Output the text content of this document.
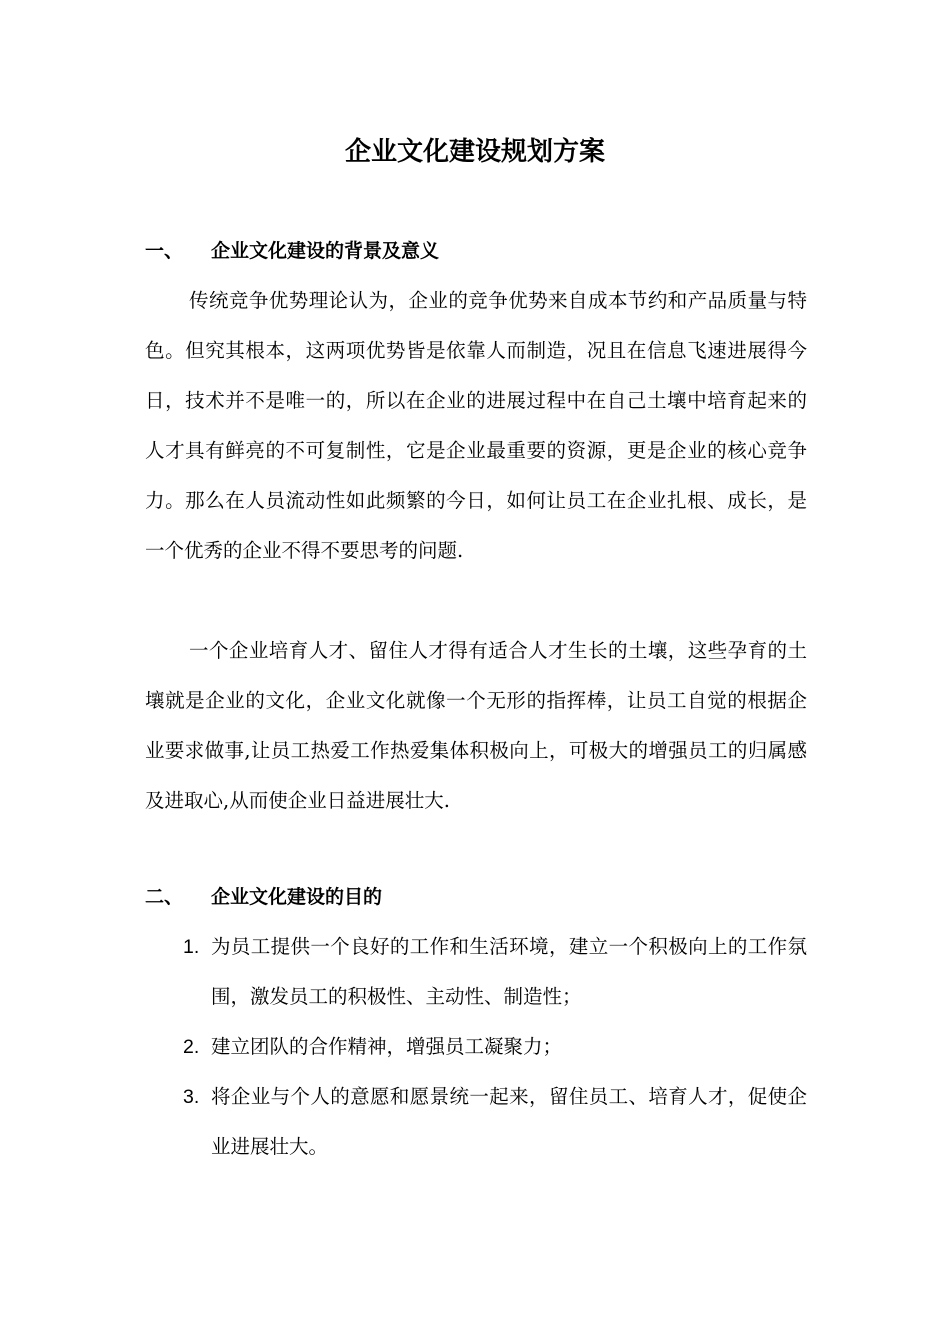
企业文化建设规划方案
一、 企业文化建设的背景及意义

传统竞争优势理论认为，企业的竞争优势来自成本节约和产品质量与特色。但究其根本，这两项优势皆是依靠人而制造，况且在信息飞速进展得今日，技术并不是唯一的，所以在企业的进展过程中在自己土壤中培育起来的人才具有鲜亮的不可复制性，它是企业最重要的资源，更是企业的核心竞争力。那么在人员流动性如此频繁的今日，如何让员工在企业扎根、成长，是一个优秀的企业不得不要思考的问题.

一个企业培育人才、留住人才得有适合人才生长的土壤，这些孕育的土壤就是企业的文化，企业文化就像一个无形的指挥棒，让员工自觉的根据企业要求做事,让员工热爱工作热爱集体积极向上，可极大的增强员工的归属感及进取心,从而使企业日益进展壮大.

二、 企业文化建设的目的
1. 为员工提供一个良好的工作和生活环境，建立一个积极向上的工作氛围，激发员工的积极性、主动性、制造性；
2. 建立团队的合作精神，增强员工凝聚力；
3. 将企业与个人的意愿和愿景统一起来，留住员工、培育人才，促使企业进展壮大。
